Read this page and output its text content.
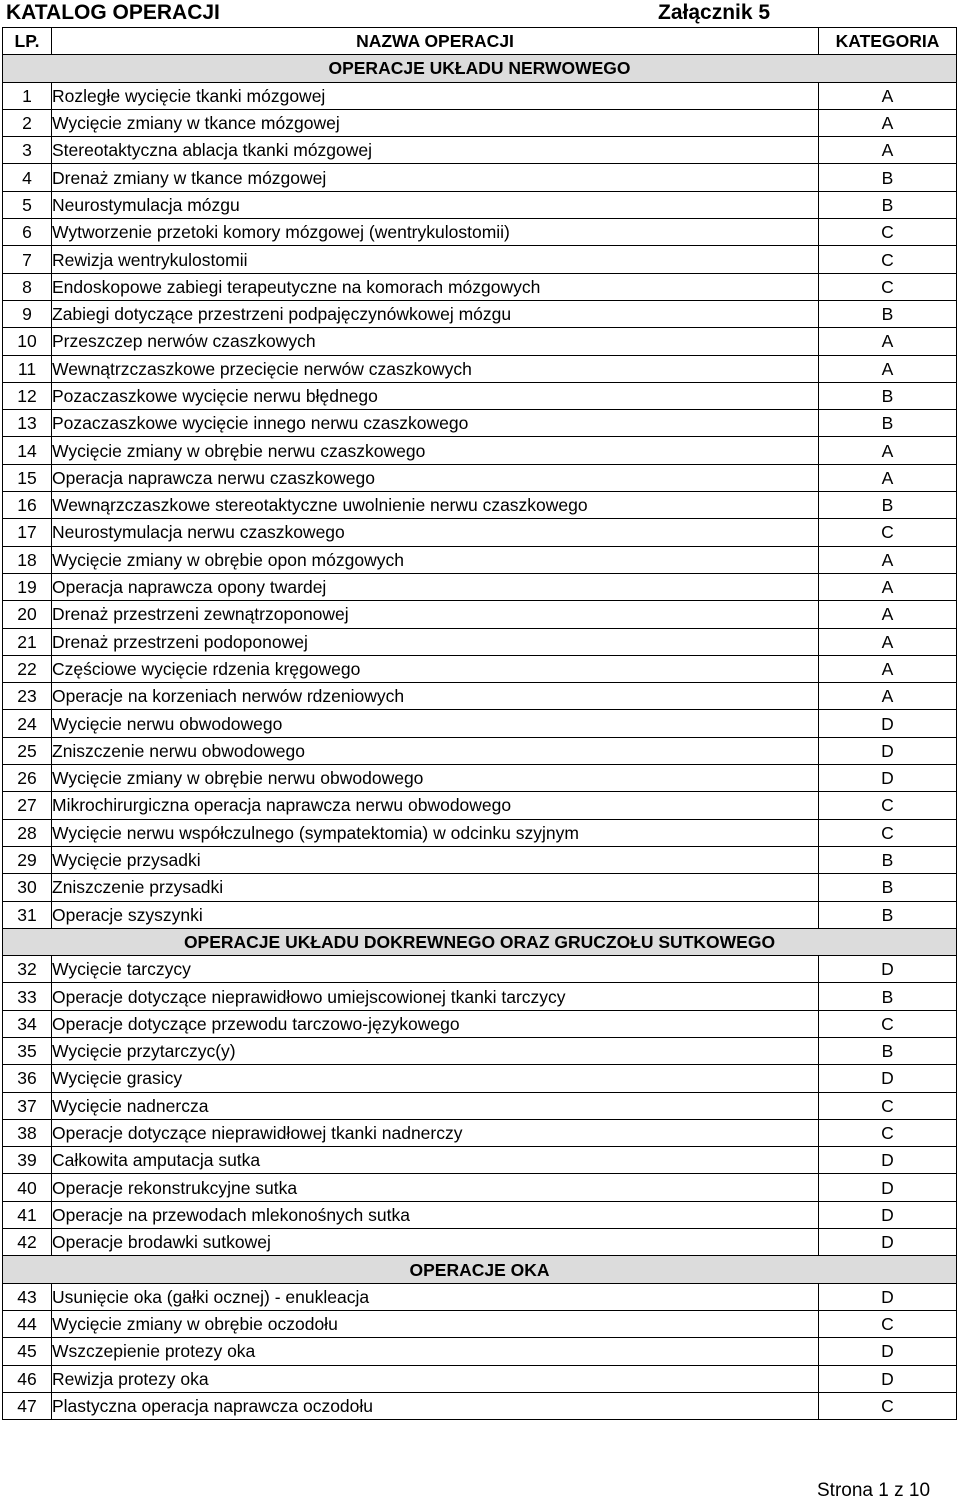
KATALOG OPERACJI	Załącznik 5
LP.	NAZWA OPERACJI	KATEGORIA
OPERACJE UKŁADU NERWOWEGO		
1	Rozległe wycięcie tkanki mózgowej	A
2	Wycięcie zmiany w tkance mózgowej	A
3	Stereotaktyczna ablacja tkanki mózgowej	A
4	Drenaż zmiany w tkance mózgowej	B
5	Neurostymulacja mózgu	B
6	Wytworzenie przetoki komory mózgowej (wentrykulostomii)	C
7	Rewizja wentrykulostomii	C
8	Endoskopowe zabiegi terapeutyczne na komorach mózgowych	C
9	Zabiegi dotyczące przestrzeni podpajęczynówkowej mózgu	B
10	Przeszczep nerwów czaszkowych	A
11	Wewnątrzczaszkowe przecięcie nerwów czaszkowych	A
12	Pozaczaszkowe wycięcie nerwu błędnego	B
13	Pozaczaszkowe wycięcie innego nerwu czaszkowego	B
14	Wycięcie zmiany w obrębie nerwu czaszkowego	A
15	Operacja naprawcza nerwu czaszkowego	A
16	Wewnąrzczaszkowe stereotaktyczne uwolnienie nerwu czaszkowego	B
17	Neurostymulacja nerwu czaszkowego	C
18	Wycięcie zmiany w obrębie opon mózgowych	A
19	Operacja naprawcza opony twardej	A
20	Drenaż przestrzeni zewnątrzoponowej	A
21	Drenaż przestrzeni podoponowej	A
22	Częściowe wycięcie rdzenia kręgowego	A
23	Operacje na korzeniach nerwów rdzeniowych	A
24	Wycięcie nerwu obwodowego	D
25	Zniszczenie nerwu obwodowego	D
26	Wycięcie zmiany w obrębie nerwu obwodowego	D
27	Mikrochirurgiczna operacja naprawcza nerwu obwodowego	C
28	Wycięcie nerwu współczulnego (sympatektomia) w odcinku szyjnym	C
29	Wycięcie przysadki	B
30	Zniszczenie przysadki	B
31	Operacje szyszynki	B
OPERACJE UKŁADU DOKREWNEGO ORAZ GRUCZOŁU SUTKOWEGO		
32	Wycięcie tarczycy	D
33	Operacje dotyczące nieprawidłowo umiejscowionej tkanki tarczycy	B
34	Operacje dotyczące przewodu tarczowo-językowego	C
35	Wycięcie przytarczyc(y)	B
36	Wycięcie grasicy	D
37	Wycięcie nadnercza	C
38	Operacje dotyczące nieprawidłowej tkanki nadnerczy	C
39	Całkowita amputacja sutka	D
40	Operacje rekonstrukcyjne sutka	D
41	Operacje na przewodach mlekonośnych sutka	D
42	Operacje brodawki sutkowej	D
OPERACJE OKA		
43	Usunięcie oka (gałki ocznej) - enukleacja	D
44	Wycięcie zmiany w obrębie oczodołu	C
45	Wszczepienie protezy oka	D
46	Rewizja protezy oka	D
47	Plastyczna operacja naprawcza oczodołu	C
Strona 1 z 10
